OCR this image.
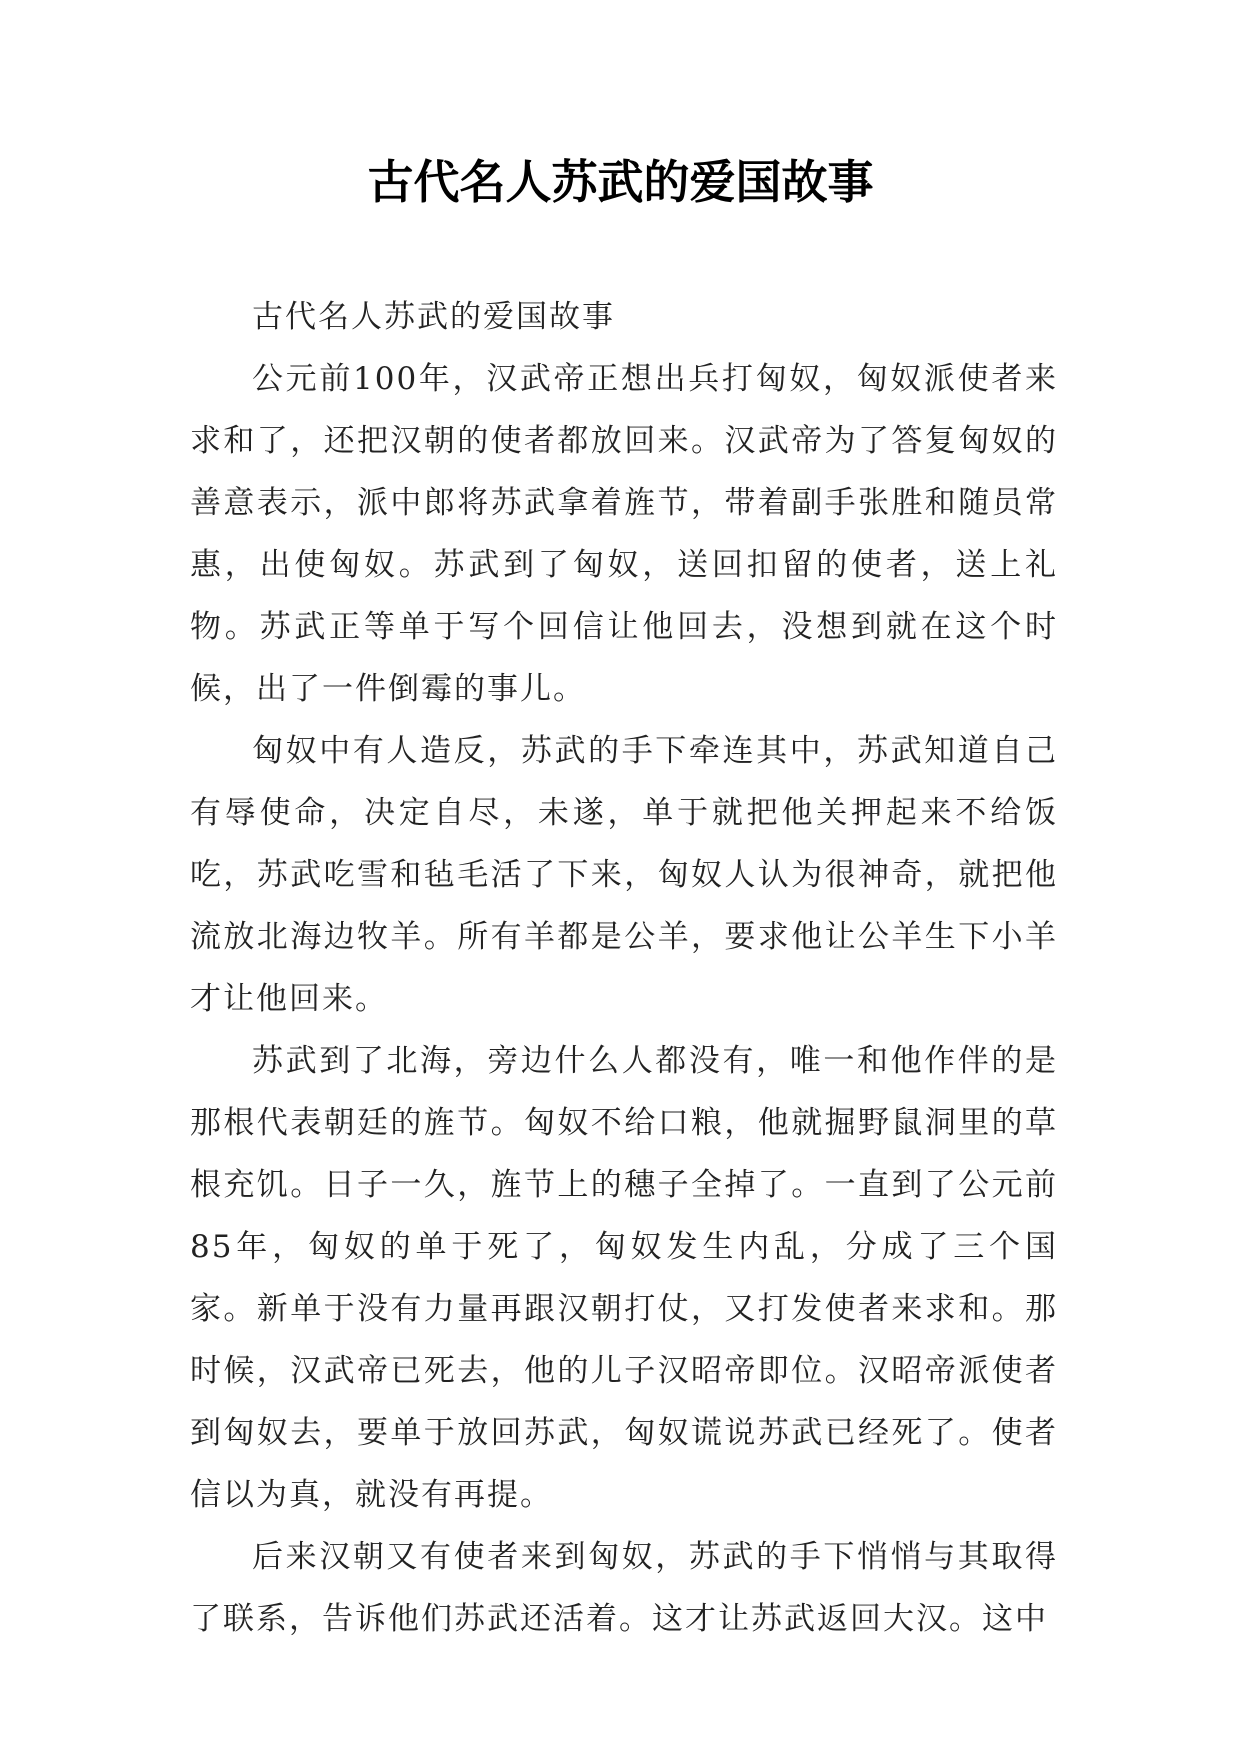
古代名人苏武的爱国故事

古代名人苏武的爱国故事

公元前100年，汉武帝正想出兵打匈奴，匈奴派使者来求和了，还把汉朝的使者都放回来。汉武帝为了答复匈奴的善意表示，派中郎将苏武拿着旌节，带着副手张胜和随员常惠，出使匈奴。苏武到了匈奴，送回扣留的使者，送上礼物。苏武正等单于写个回信让他回去，没想到就在这个时候，出了一件倒霉的事儿。

匈奴中有人造反，苏武的手下牵连其中，苏武知道自己有辱使命，决定自尽，未遂，单于就把他关押起来不给饭吃，苏武吃雪和毡毛活了下来，匈奴人认为很神奇，就把他流放北海边牧羊。所有羊都是公羊，要求他让公羊生下小羊才让他回来。

苏武到了北海，旁边什么人都没有，唯一和他作伴的是那根代表朝廷的旌节。匈奴不给口粮，他就掘野鼠洞里的草根充饥。日子一久，旌节上的穗子全掉了。一直到了公元前85年，匈奴的单于死了，匈奴发生内乱，分成了三个国家。新单于没有力量再跟汉朝打仗，又打发使者来求和。那时候，汉武帝已死去，他的儿子汉昭帝即位。汉昭帝派使者到匈奴去，要单于放回苏武，匈奴谎说苏武已经死了。使者信以为真，就没有再提。

后来汉朝又有使者来到匈奴，苏武的手下悄悄与其取得了联系，告诉他们苏武还活着。这才让苏武返回大汉。这中
